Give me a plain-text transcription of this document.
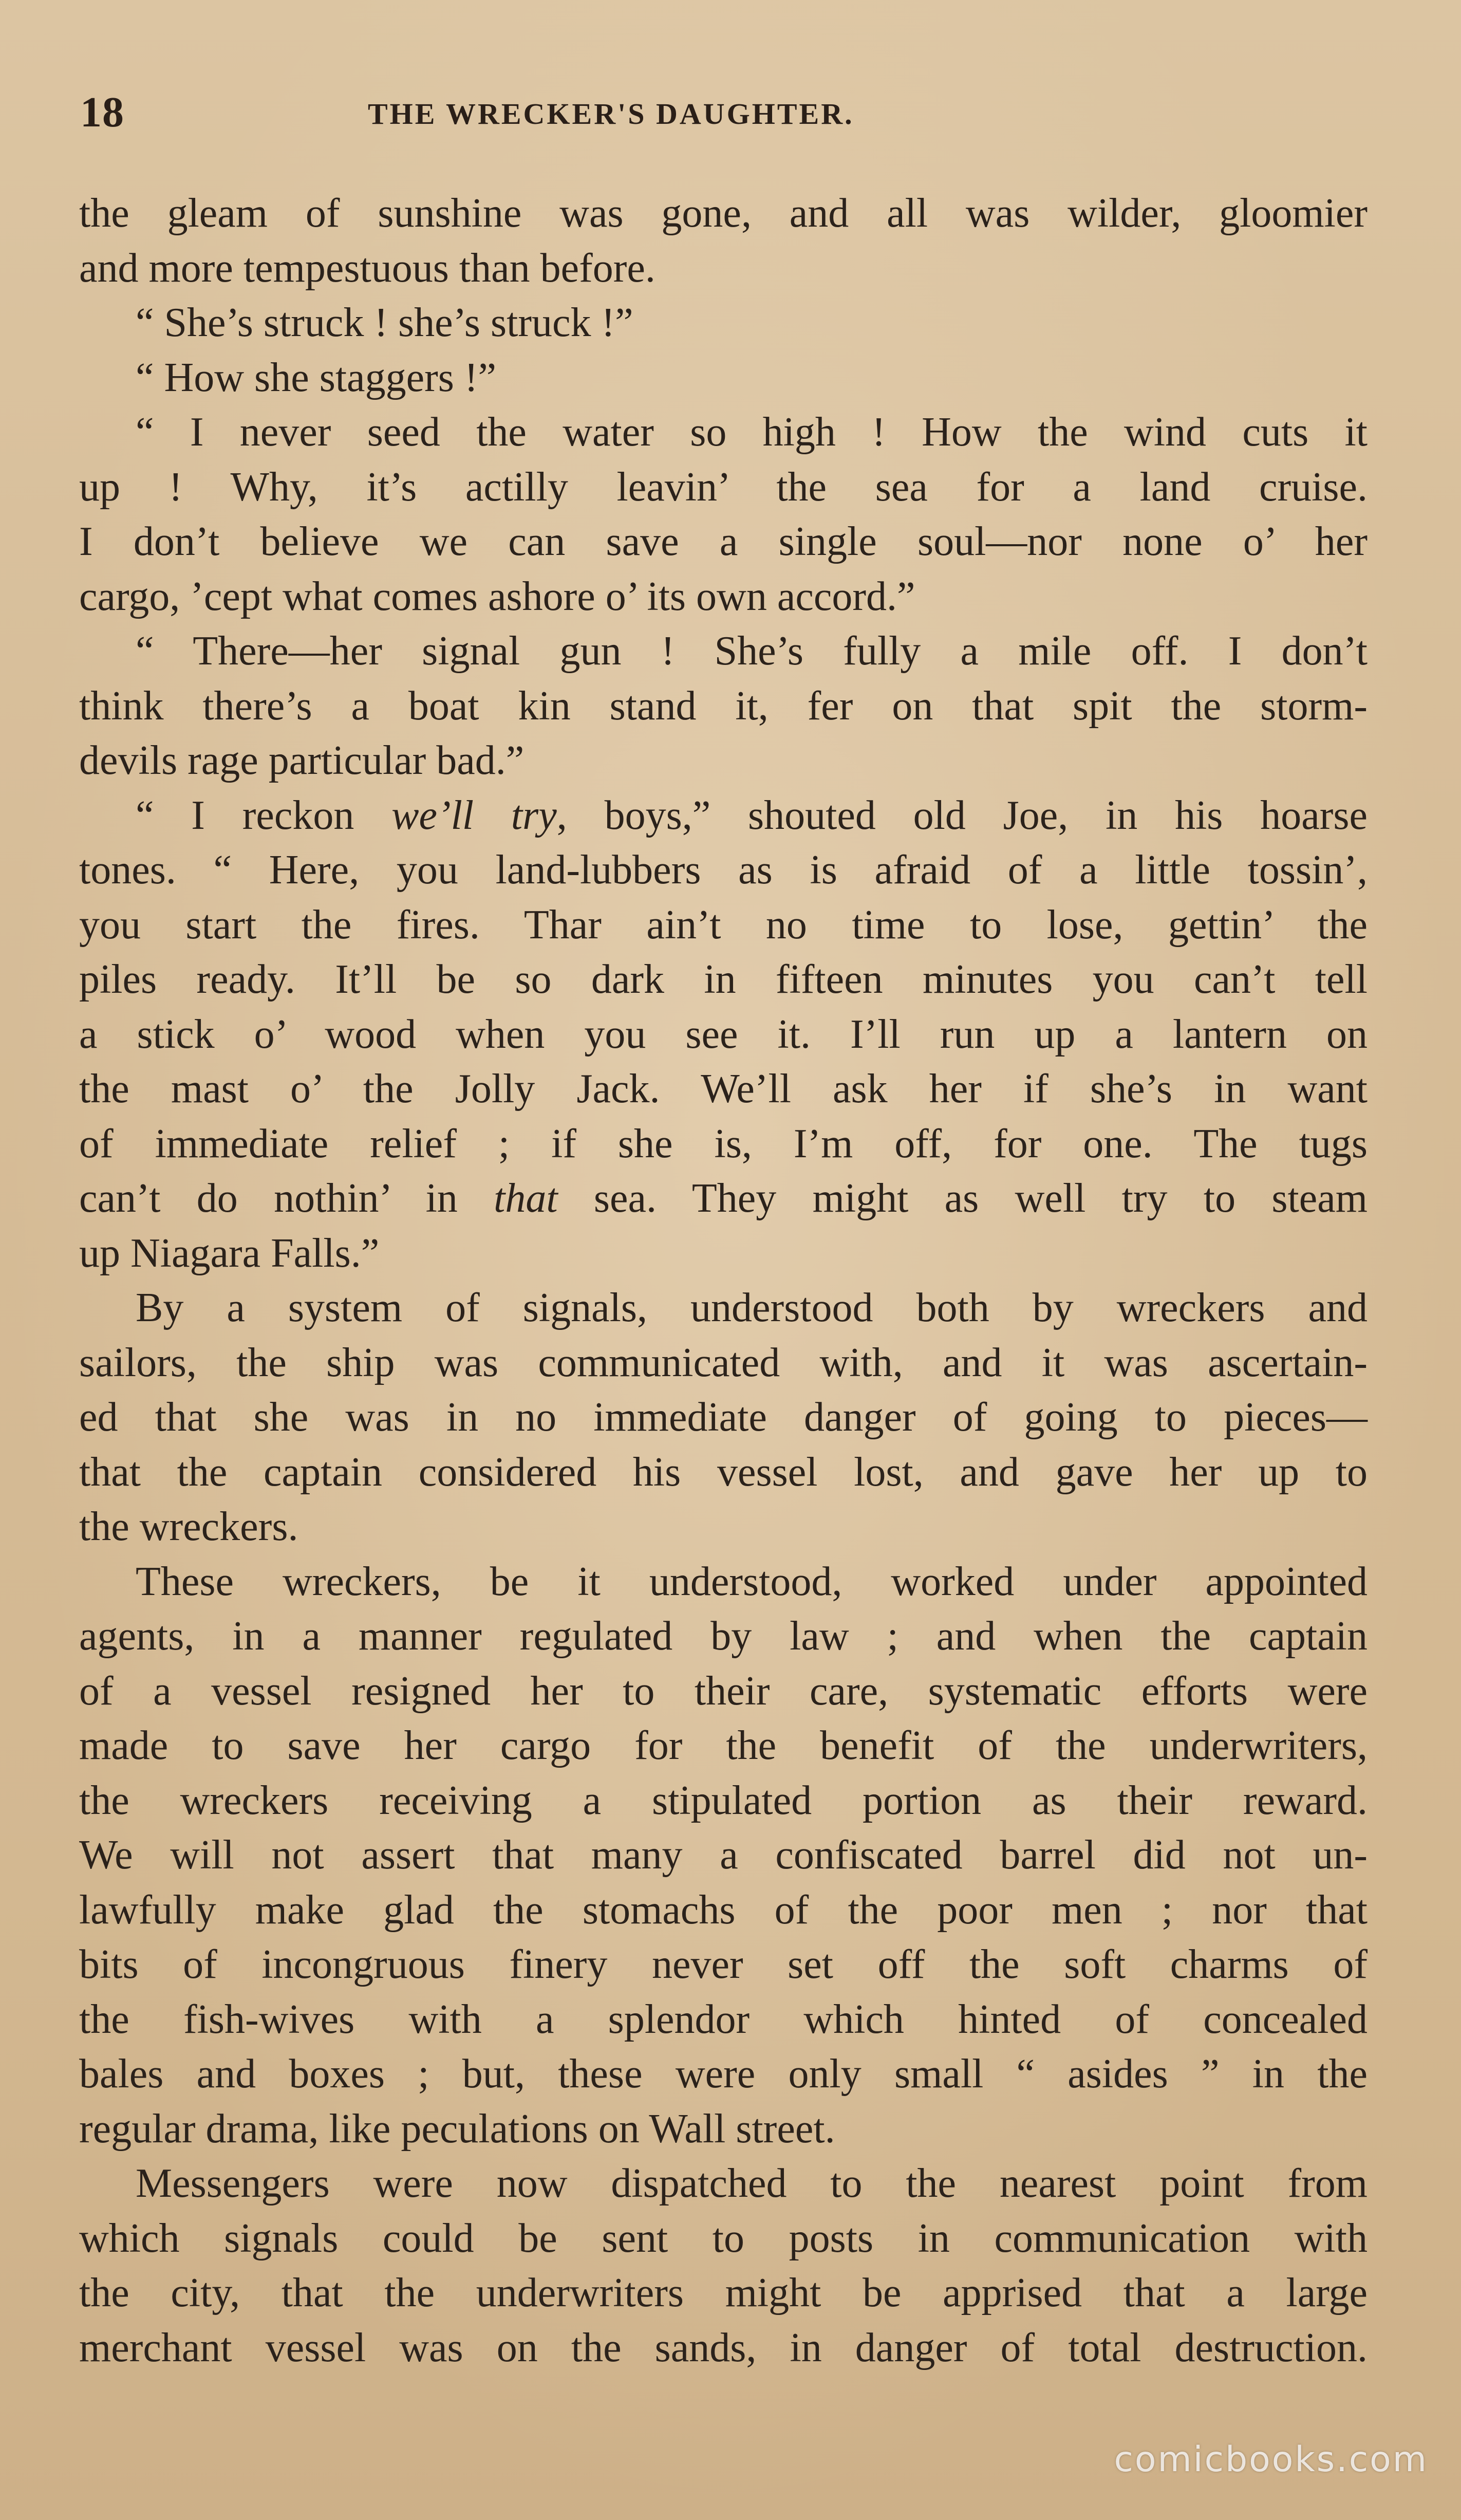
18	THE WRECKER'S DAUGHTER.
the gleam of sunshine was gone, and all was wilder, gloomier
and more tempestuous than before.
“ She’s struck ! she’s struck !”
“ How she staggers !”
“ I never seed the water so high ! How the wind cuts it
up ! Why, it’s actilly leavin’ the sea for a land cruise.
I don’t believe we can save a single soul—nor none o’ her
cargo, ’cept what comes ashore o’ its own accord.”
“ There—her signal gun ! She’s fully a mile off. I don’t
think there’s a boat kin stand it, fer on that spit the storm-
devils rage particular bad.”
“ I reckon we’ll try, boys,” shouted old Joe, in his hoarse
tones. “ Here, you land-lubbers as is afraid of a little tossin’,
you start the fires. Thar ain’t no time to lose, gettin’ the
piles ready. It’ll be so dark in fifteen minutes you can’t tell
a stick o’ wood when you see it. I’ll run up a lantern on
the mast o’ the Jolly Jack. We’ll ask her if she’s in want
of immediate relief ; if she is, I’m off, for one. The tugs
can’t do nothin’ in that sea. They might as well try to steam
up Niagara Falls.”
By a system of signals, understood both by wreckers and
sailors, the ship was communicated with, and it was ascertain-
ed that she was in no immediate danger of going to pieces—
that the captain considered his vessel lost, and gave her up to
the wreckers.
These wreckers, be it understood, worked under appointed
agents, in a manner regulated by law ; and when the captain
of a vessel resigned her to their care, systematic efforts were
made to save her cargo for the benefit of the underwriters,
the wreckers receiving a stipulated portion as their reward.
We will not assert that many a confiscated barrel did not un-
lawfully make glad the stomachs of the poor men ; nor that
bits of incongruous finery never set off the soft charms of
the fish-wives with a splendor which hinted of concealed
bales and boxes ; but, these were only small “ asides ” in the
regular drama, like peculations on Wall street.
Messengers were now dispatched to the nearest point from
which signals could be sent to posts in communication with
the city, that the underwriters might be apprised that a large
merchant vessel was on the sands, in danger of total destruction.
comicbooks.com
